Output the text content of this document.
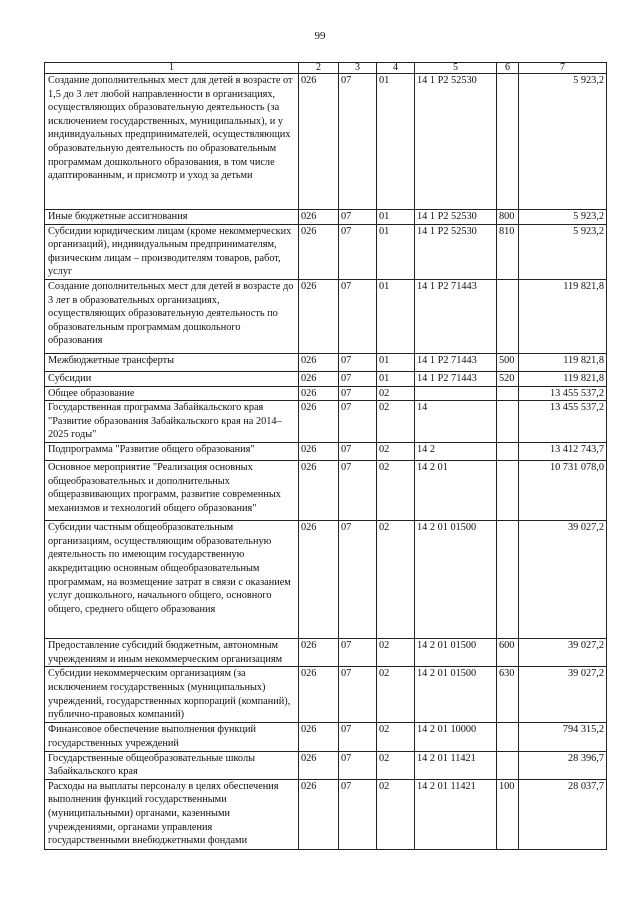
99
1	2	3	4	5	6	7
Создание дополнительных мест для детей в возрасте от 1,5 до 3 лет любой направленности в организациях, осуществляющих образовательную деятельность (за исключением государственных, муниципальных), и у индивидуальных предпринимателей, осуществляющих образовательную деятельность по образовательным программам дошкольного образования, в том числе адаптированным, и присмотр и уход за детьми	026	07	01	14 1 P2 52530		5 923,2
Иные бюджетные ассигнования	026	07	01	14 1 P2 52530	800	5 923,2
Субсидии юридическим лицам (кроме некоммерческих организаций), индивидуальным предпринимателям, физическим лицам – производителям товаров, работ, услуг	026	07	01	14 1 P2 52530	810	5 923,2
Создание дополнительных мест для детей в возрасте до 3 лет в образовательных организациях, осуществляющих образовательную деятельность по образовательным программам дошкольного образования	026	07	01	14 1 P2 71443		119 821,8
Межбюджетные трансферты	026	07	01	14 1 P2 71443	500	119 821,8
Субсидии	026	07	01	14 1 P2 71443	520	119 821,8
Общее образование	026	07	02			13 455 537,2
Государственная программа Забайкальского края "Развитие образования Забайкальского края на 2014–2025 годы"	026	07	02	14		13 455 537,2
Подпрограмма "Развитие общего образования"	026	07	02	14 2		13 412 743,7
Основное мероприятие "Реализация основных общеобразовательных и дополнительных общеразвивающих программ, развитие современных механизмов и технологий общего образования"	026	07	02	14 2 01		10 731 078,0
Субсидии частным общеобразовательным организациям, осуществляющим образовательную деятельность по имеющим государственную аккредитацию основным общеобразовательным программам, на возмещение затрат в связи с оказанием услуг дошкольного, начального общего, основного общего, среднего общего образования	026	07	02	14 2 01 01500		39 027,2
Предоставление субсидий бюджетным, автономным учреждениям и иным некоммерческим организациям	026	07	02	14 2 01 01500	600	39 027,2
Субсидии некоммерческим организациям (за исключением государственных (муниципальных) учреждений, государственных корпораций (компаний), публично-правовых компаний)	026	07	02	14 2 01 01500	630	39 027,2
Финансовое обеспечение выполнения функций государственных учреждений	026	07	02	14 2 01 10000		794 315,2
Государственные общеобразовательные школы Забайкальского края	026	07	02	14 2 01 11421		28 396,7
Расходы на выплаты персоналу в целях обеспечения выполнения функций государственными (муниципальными) органами, казенными учреждениями, органами управления государственными внебюджетными фондами	026	07	02	14 2 01 11421	100	28 037,7
